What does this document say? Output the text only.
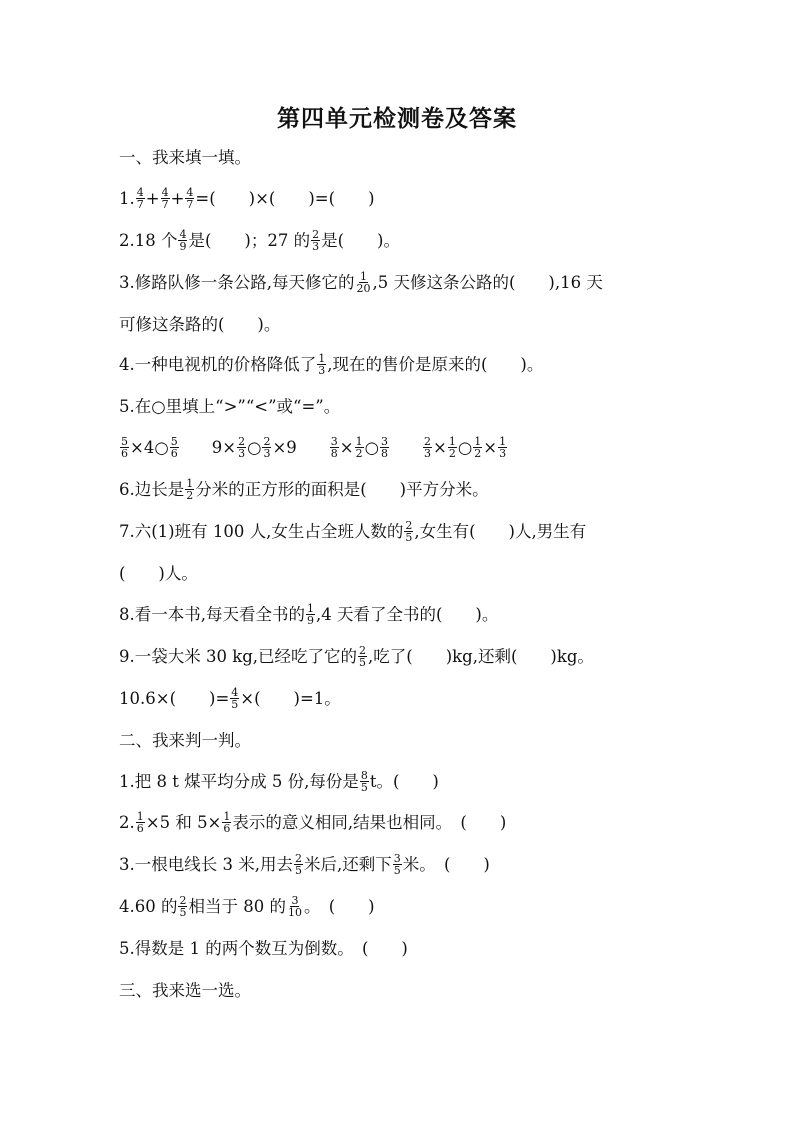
第四单元检测卷及答案
一、我来填一填。
1. $\frac{4}{7} + \frac{4}{7} + \frac{4}{7}$ =(　　)×(　　)=(　　)
2.18 个 $\frac{4}{9}$ 是(　　)；27 的 $\frac{2}{3}$ 是(　　)。
3.修路队修一条公路,每天修它的 $\frac{1}{20} ,5$ 天修这条公路的(　　),16 天
可修这条路的(　　)。
4.一种电视机的价格降低了 $\frac{1}{3}$ ,现在的售价是原来的(　　)。
5.在○里填上“>”“<”或“=”。
$\frac{5}{6}$ ×4○ $\frac{5}{6} 9\times \frac{2}{3}$ ○ $\frac{2}{3} \times 9$	$\frac{3}{8} \times \frac{1}{2}$ ○ $\frac{3}{8}$	$\frac{2}{3} \times \frac{1}{2}$ ○ $\frac{1}{2} \times \frac{1}{3}$
6.边长是 $\frac{1}{2}$ 分米的正方形的面积是(　　)平方分米。
7.六(1)班有 100 人,女生占全班人数的 $\frac{2}{5}$ ,女生有(　　)人,男生有
(　　)人。
8.看一本书,每天看全书的 $\frac{1}{9} ,4$ 天看了全书的(　　)。
9.一袋大米 30 kg,已经吃了它的 $\frac{2}{5}$ ,吃了(　　)kg,还剩(　　)kg。
10.6×(　　)= $\frac{4}{5}$ ×(　　)=1。
二、我来判一判。
1.把 8 t 煤平均分成 5 份,每份是 $\frac{8}{5}$ t。(　　)
2. $\frac{1}{6} \times 5$ 和 $5\times \frac{1}{6}$ 表示的意义相同,结果也相同。　(　　)
3.一根电线长 3 米,用去 $\frac{2}{5}$ 米后,还剩下 $\frac{3}{5}$ 米。　(　　)
4.60 的 $\frac{2}{5}$ 相当于 80 的 $\frac{3}{10}$ 。　(　　)
5.得数是 1 的两个数互为倒数。　(　　)
三、我来选一选。
